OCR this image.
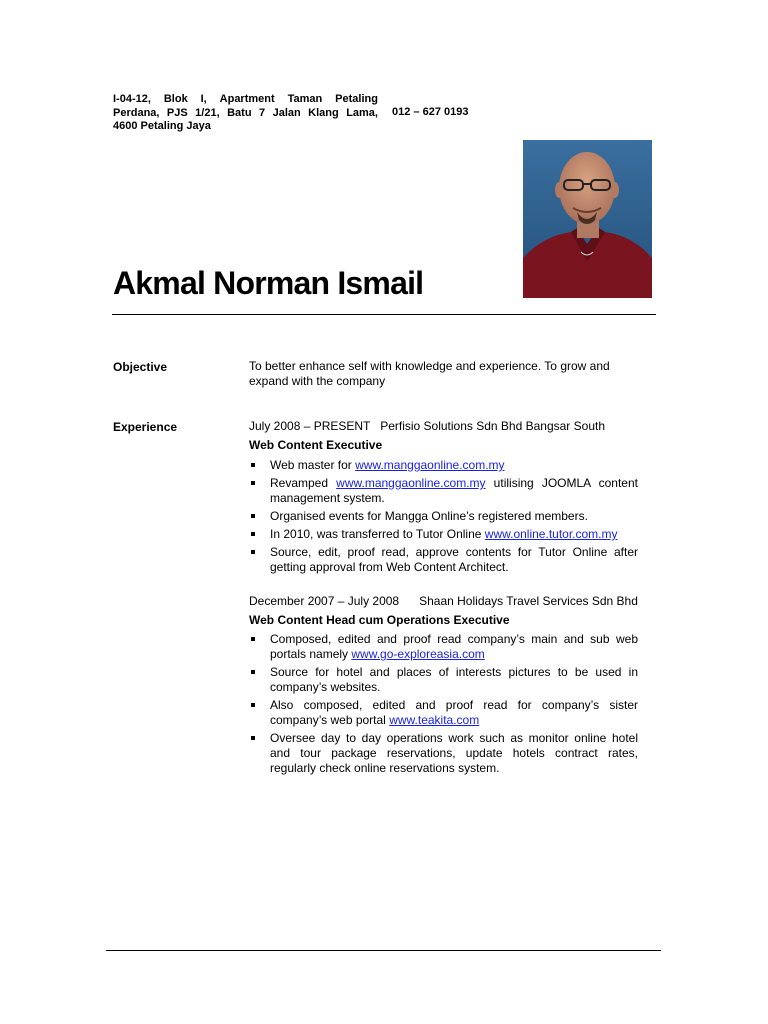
I-04-12, Blok I, Apartment Taman Petaling
Perdana, PJS 1/21, Batu 7 Jalan Klang Lama,
4600 Petaling Jaya
012 – 627 0193
Akmal Norman Ismail
Objective	To better enhance self with knowledge and experience. To grow and expand with the company
Experience	July 2008 – PRESENT Perfisio Solutions Sdn Bhd Bangsar South
Web Content Executive
Web master for www.manggaonline.com.my
Revamped www.manggaonline.com.my utilising JOOMLA content management system.
Organised events for Mangga Online’s registered members.
In 2010, was transferred to Tutor Online www.online.tutor.com.my
Source, edit, proof read, approve contents for Tutor Online after getting approval from Web Content Architect.
December 2007 – July 2008 Shaan Holidays Travel Services Sdn Bhd
Web Content Head cum Operations Executive
Composed, edited and proof read company’s main and sub web portals namely www.go-exploreasia.com
Source for hotel and places of interests pictures to be used in company’s websites.
Also composed, edited and proof read for company’s sister company’s web portal www.teakita.com
Oversee day to day operations work such as monitor online hotel and tour package reservations, update hotels contract rates, regularly check online reservations system.
